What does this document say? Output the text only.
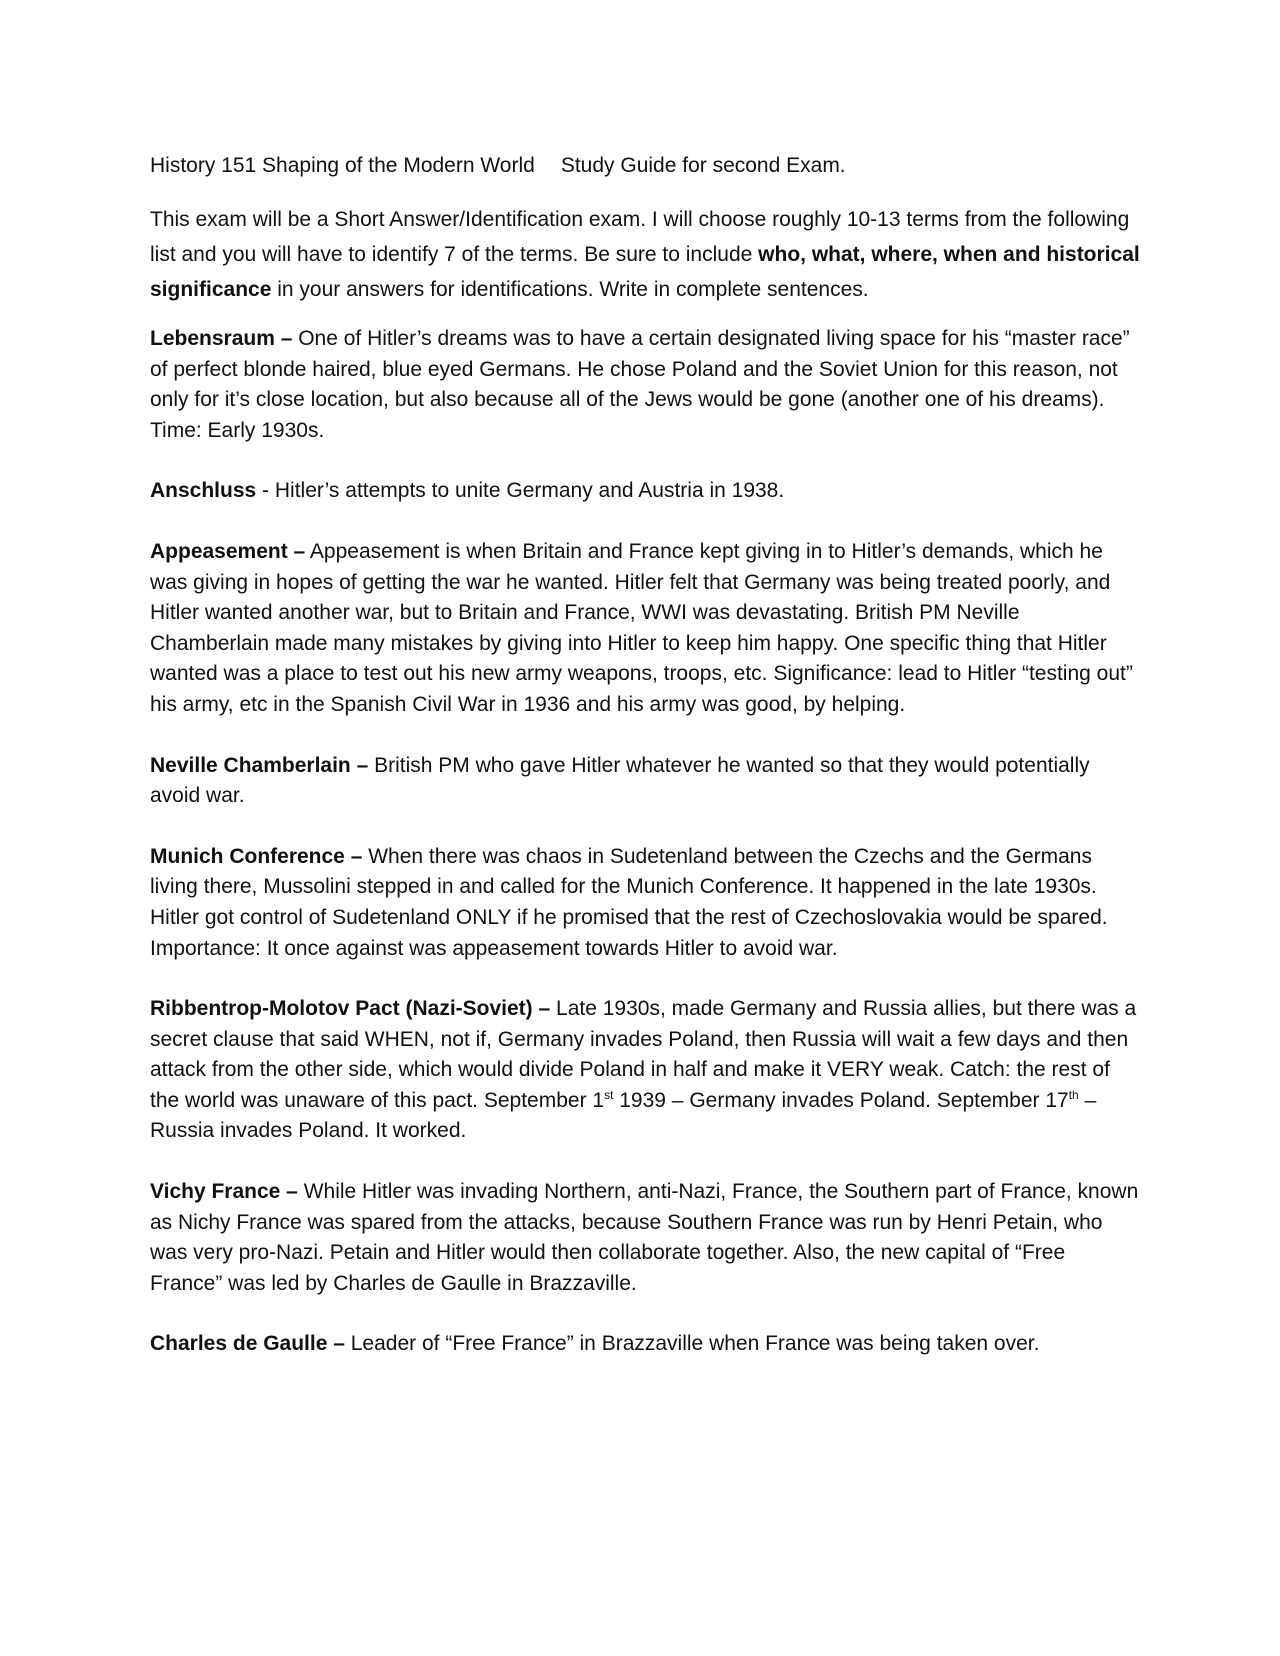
History 151 Shaping of the Modern World Study Guide for second Exam.

This exam will be a Short Answer/Identification exam. I will choose roughly 10-13 terms from the following list and you will have to identify 7 of the terms. Be sure to include who, what, where, when and historical significance in your answers for identifications. Write in complete sentences.

Lebensraum – One of Hitler’s dreams was to have a certain designated living space for his “master race” of perfect blonde haired, blue eyed Germans. He chose Poland and the Soviet Union for this reason, not only for it’s close location, but also because all of the Jews would be gone (another one of his dreams). Time: Early 1930s.

Anschluss - Hitler’s attempts to unite Germany and Austria in 1938.

Appeasement – Appeasement is when Britain and France kept giving in to Hitler’s demands, which he was giving in hopes of getting the war he wanted. Hitler felt that Germany was being treated poorly, and Hitler wanted another war, but to Britain and France, WWI was devastating. British PM Neville Chamberlain made many mistakes by giving into Hitler to keep him happy. One specific thing that Hitler wanted was a place to test out his new army weapons, troops, etc. Significance: lead to Hitler “testing out” his army, etc in the Spanish Civil War in 1936 and his army was good, by helping.

Neville Chamberlain – British PM who gave Hitler whatever he wanted so that they would potentially avoid war.

Munich Conference – When there was chaos in Sudetenland between the Czechs and the Germans living there, Mussolini stepped in and called for the Munich Conference. It happened in the late 1930s. Hitler got control of Sudetenland ONLY if he promised that the rest of Czechoslovakia would be spared. Importance: It once against was appeasement towards Hitler to avoid war.

Ribbentrop-Molotov Pact (Nazi-Soviet) – Late 1930s, made Germany and Russia allies, but there was a secret clause that said WHEN, not if, Germany invades Poland, then Russia will wait a few days and then attack from the other side, which would divide Poland in half and make it VERY weak. Catch: the rest of the world was unaware of this pact. September 1st 1939 – Germany invades Poland. September 17th – Russia invades Poland. It worked.

Vichy France – While Hitler was invading Northern, anti-Nazi, France, the Southern part of France, known as Nichy France was spared from the attacks, because Southern France was run by Henri Petain, who was very pro-Nazi. Petain and Hitler would then collaborate together. Also, the new capital of “Free France” was led by Charles de Gaulle in Brazzaville.

Charles de Gaulle – Leader of “Free France” in Brazzaville when France was being taken over.
